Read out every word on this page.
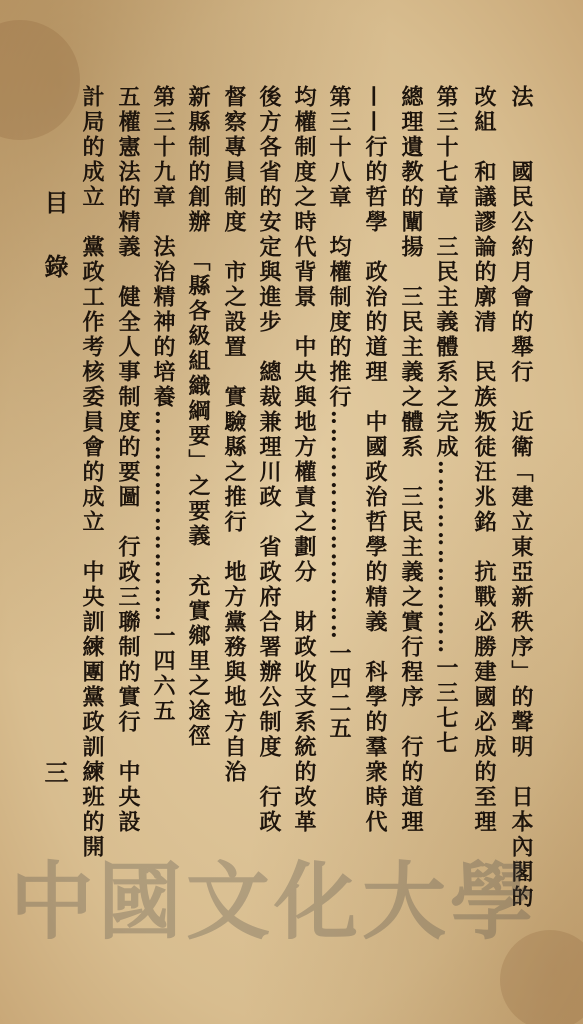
法　　國民公約月會的舉行　近衛「建立東亞新秩序」的聲明　日本內閣的
改組　和議謬論的廓清　民族叛徒汪兆銘　抗戰必勝建國必成的至理
第三十七章　三民主義體系之完成‥‥‥‥‥‥‥‥‥‥‥一三七七
總理遺教的闡揚　三民主義之體系　三民主義之實行程序　行的道理
——行的哲學　政治的道理　中國政治哲學的精義　科學的羣衆時代
第三十八章　均權制度的推行‥‥‥‥‥‥‥‥‥‥‥‥‥一四二五
均權制度之時代背景　中央與地方權責之劃分　財政收支系統的改革
後方各省的安定與進步　總裁兼理川政　省政府合署辦公制度　行政
督察專員制度　市之設置　實驗縣之推行　地方黨務與地方自治
新縣制的創辦　「縣各級組織綱要」之要義　充實鄉里之途徑
第三十九章　法治精神的培養‥‥‥‥‥‥‥‥‥‥‥‥一四六五
五權憲法的精義　健全人事制度的要圖　行政三聯制的實行　中央設
計局的成立　黨政工作考核委員會的成立　中央訓練團黨政訓練班的開
目錄
三
中國文化大學
